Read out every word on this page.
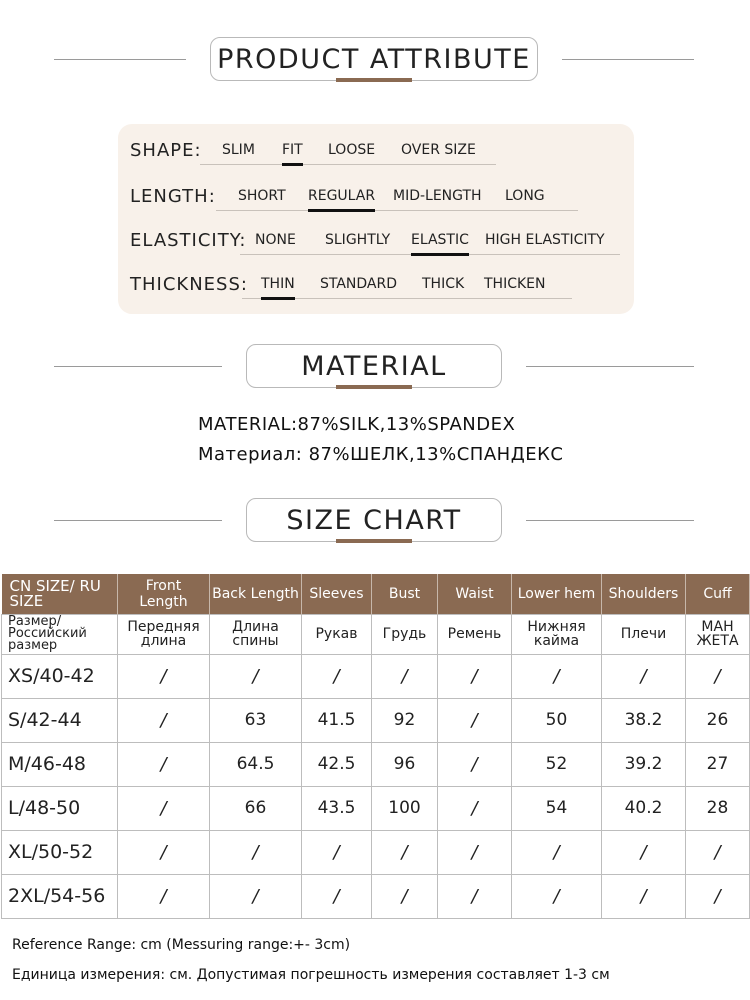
PRODUCT ATTRIBUTE
SHAPE: SLIM FIT LOOSE OVER SIZE
LENGTH: SHORT REGULAR MID-LENGTH LONG
ELASTICITY: NONE SLIGHTLY ELASTIC HIGH ELASTICITY
THICKNESS: THIN STANDARD THICK THICKEN
MATERIAL
MATERIAL:87%SILK,13%SPANDEX
Материал: 87%ШЕЛК,13%СПАНДЕКС
SIZE CHART
CN SIZE/ RU SIZE	Front Length	Back Length	Sleeves	Bust	Waist	Lower hem	Shoulders	Cuff
Размер/ Российский размер	Передняя длина	Длина спины	Рукав	Грудь	Ремень	Нижняя кайма	Плечи	МАН ЖЕТА
XS/40-42	/	/	/	/	/	/	/	/
S/42-44	/	63	41.5	92	/	50	38.2	26
M/46-48	/	64.5	42.5	96	/	52	39.2	27
L/48-50	/	66	43.5	100	/	54	40.2	28
XL/50-52	/	/	/	/	/	/	/	/
2XL/54-56	/	/	/	/	/	/	/	/
Reference Range: cm (Messuring range:+- 3cm)
Единица измерения: см. Допустимая погрешность измерения составляет 1-3 см
